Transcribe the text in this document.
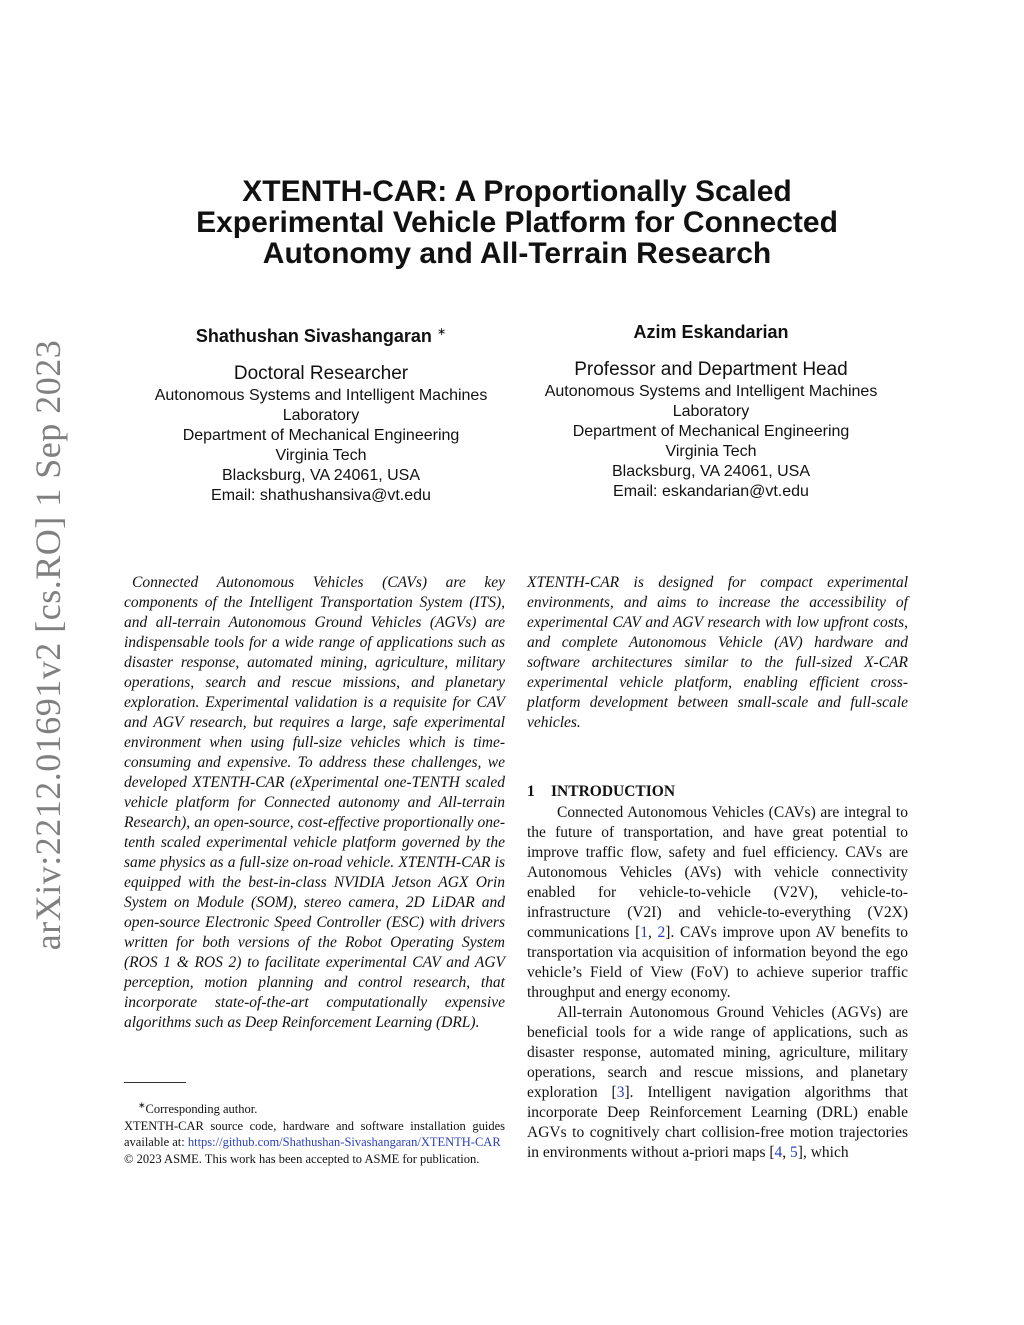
arXiv:2212.01691v2 [cs.RO] 1 Sep 2023
XTENTH-CAR: A Proportionally Scaled
Experimental Vehicle Platform for Connected
Autonomy and All-Terrain Research
Shathushan Sivashangaran ∗
Doctoral Researcher
Autonomous Systems and Intelligent Machines
Laboratory
Department of Mechanical Engineering
Virginia Tech
Blacksburg, VA 24061, USA
Email: shathushansiva@vt.edu
Azim Eskandarian
Professor and Department Head
Autonomous Systems and Intelligent Machines
Laboratory
Department of Mechanical Engineering
Virginia Tech
Blacksburg, VA 24061, USA
Email: eskandarian@vt.edu
Connected Autonomous Vehicles (CAVs) are key components of the Intelligent Transportation System (ITS), and all-terrain Autonomous Ground Vehicles (AGVs) are indispensable tools for a wide range of applications such as disaster response, automated mining, agriculture, military operations, search and rescue missions, and planetary exploration. Experimental validation is a requisite for CAV and AGV research, but requires a large, safe experimental environment when using full-size vehicles which is time-consuming and expensive. To address these challenges, we developed XTENTH-CAR (eXperimental one-TENTH scaled vehicle platform for Connected autonomy and All-terrain Research), an open-source, cost-effective proportionally one-tenth scaled experimental vehicle platform governed by the same physics as a full-size on-road vehicle. XTENTH-CAR is equipped with the best-in-class NVIDIA Jetson AGX Orin System on Module (SOM), stereo camera, 2D LiDAR and open-source Electronic Speed Controller (ESC) with drivers written for both versions of the Robot Operating System (ROS 1 & ROS 2) to facilitate experimental CAV and AGV perception, motion planning and control research, that incorporate state-of-the-art computationally expensive algorithms such as Deep Reinforcement Learning (DRL).
XTENTH-CAR is designed for compact experimental environments, and aims to increase the accessibility of experimental CAV and AGV research with low upfront costs, and complete Autonomous Vehicle (AV) hardware and software architectures similar to the full-sized X-CAR experimental vehicle platform, enabling efficient cross-platform development between small-scale and full-scale vehicles.
1 INTRODUCTION

Connected Autonomous Vehicles (CAVs) are integral to the future of transportation, and have great potential to improve traffic flow, safety and fuel efficiency. CAVs are Autonomous Vehicles (AVs) with vehicle connectivity enabled for vehicle-to-vehicle (V2V), vehicle-to-infrastructure (V2I) and vehicle-to-everything (V2X) communications [1, 2]. CAVs improve upon AV benefits to transportation via acquisition of information beyond the ego vehicle’s Field of View (FoV) to achieve superior traffic throughput and energy economy.

All-terrain Autonomous Ground Vehicles (AGVs) are beneficial tools for a wide range of applications, such as disaster response, automated mining, agriculture, military operations, search and rescue missions, and planetary exploration [3]. Intelligent navigation algorithms that incorporate Deep Reinforcement Learning (DRL) enable AGVs to cognitively chart collision-free motion trajectories in environments without a-priori maps [4, 5], which

∗Corresponding author.

XTENTH-CAR source code, hardware and software installation guides available at: https://github.com/Shathushan-Sivashangaran/XTENTH-CAR

© 2023 ASME. This work has been accepted to ASME for publication.
